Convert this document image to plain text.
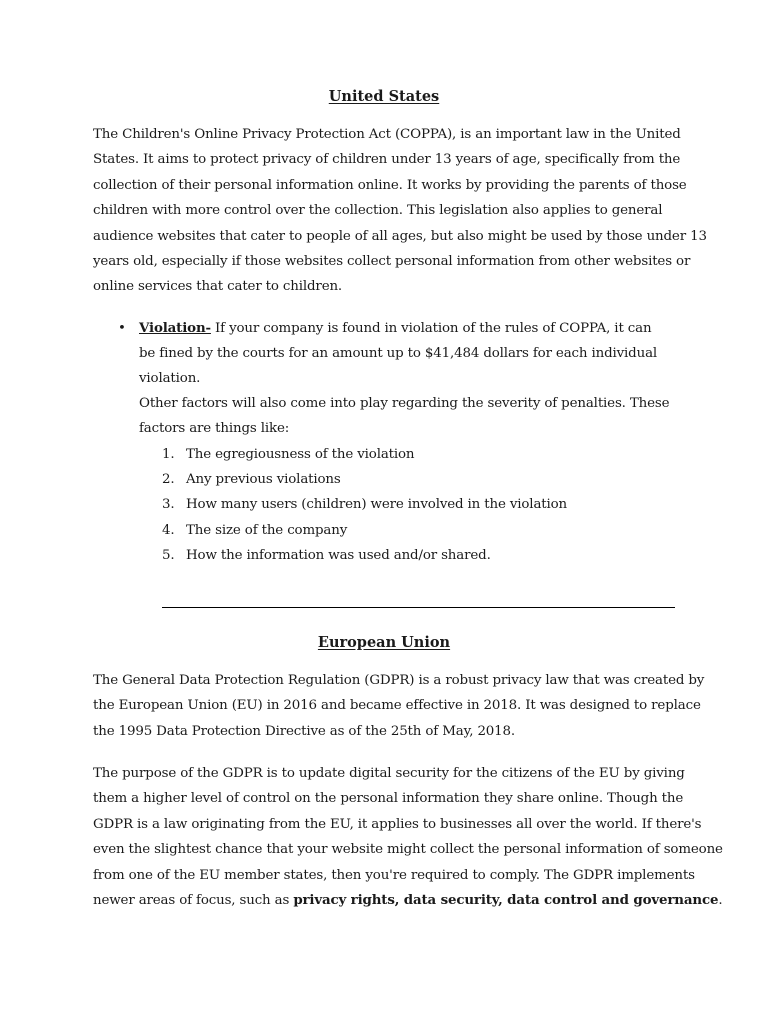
United States
The Children's Online Privacy Protection Act (COPPA), is an important law in the United
States. It aims to protect privacy of children under 13 years of age, specifically from the
collection of their personal information online. It works by providing the parents of those
children with more control over the collection. This legislation also applies to general
audience websites that cater to people of all ages, but also might be used by those under 13
years old, especially if those websites collect personal information from other websites or
online services that cater to children.
• Violation- If your company is found in violation of the rules of COPPA, it can
be fined by the courts for an amount up to $41,484 dollars for each individual
violation.
Other factors will also come into play regarding the severity of penalties. These
factors are things like:
1. The egregiousness of the violation
2. Any previous violations
3. How many users (children) were involved in the violation
4. The size of the company
5. How the information was used and/or shared.
European Union
The General Data Protection Regulation (GDPR) is a robust privacy law that was created by
the European Union (EU) in 2016 and became effective in 2018. It was designed to replace
the 1995 Data Protection Directive as of the 25th of May, 2018.
The purpose of the GDPR is to update digital security for the citizens of the EU by giving
them a higher level of control on the personal information they share online. Though the
GDPR is a law originating from the EU, it applies to businesses all over the world. If there's
even the slightest chance that your website might collect the personal information of someone
from one of the EU member states, then you're required to comply. The GDPR implements
newer areas of focus, such as privacy rights, data security, data control and governance.
